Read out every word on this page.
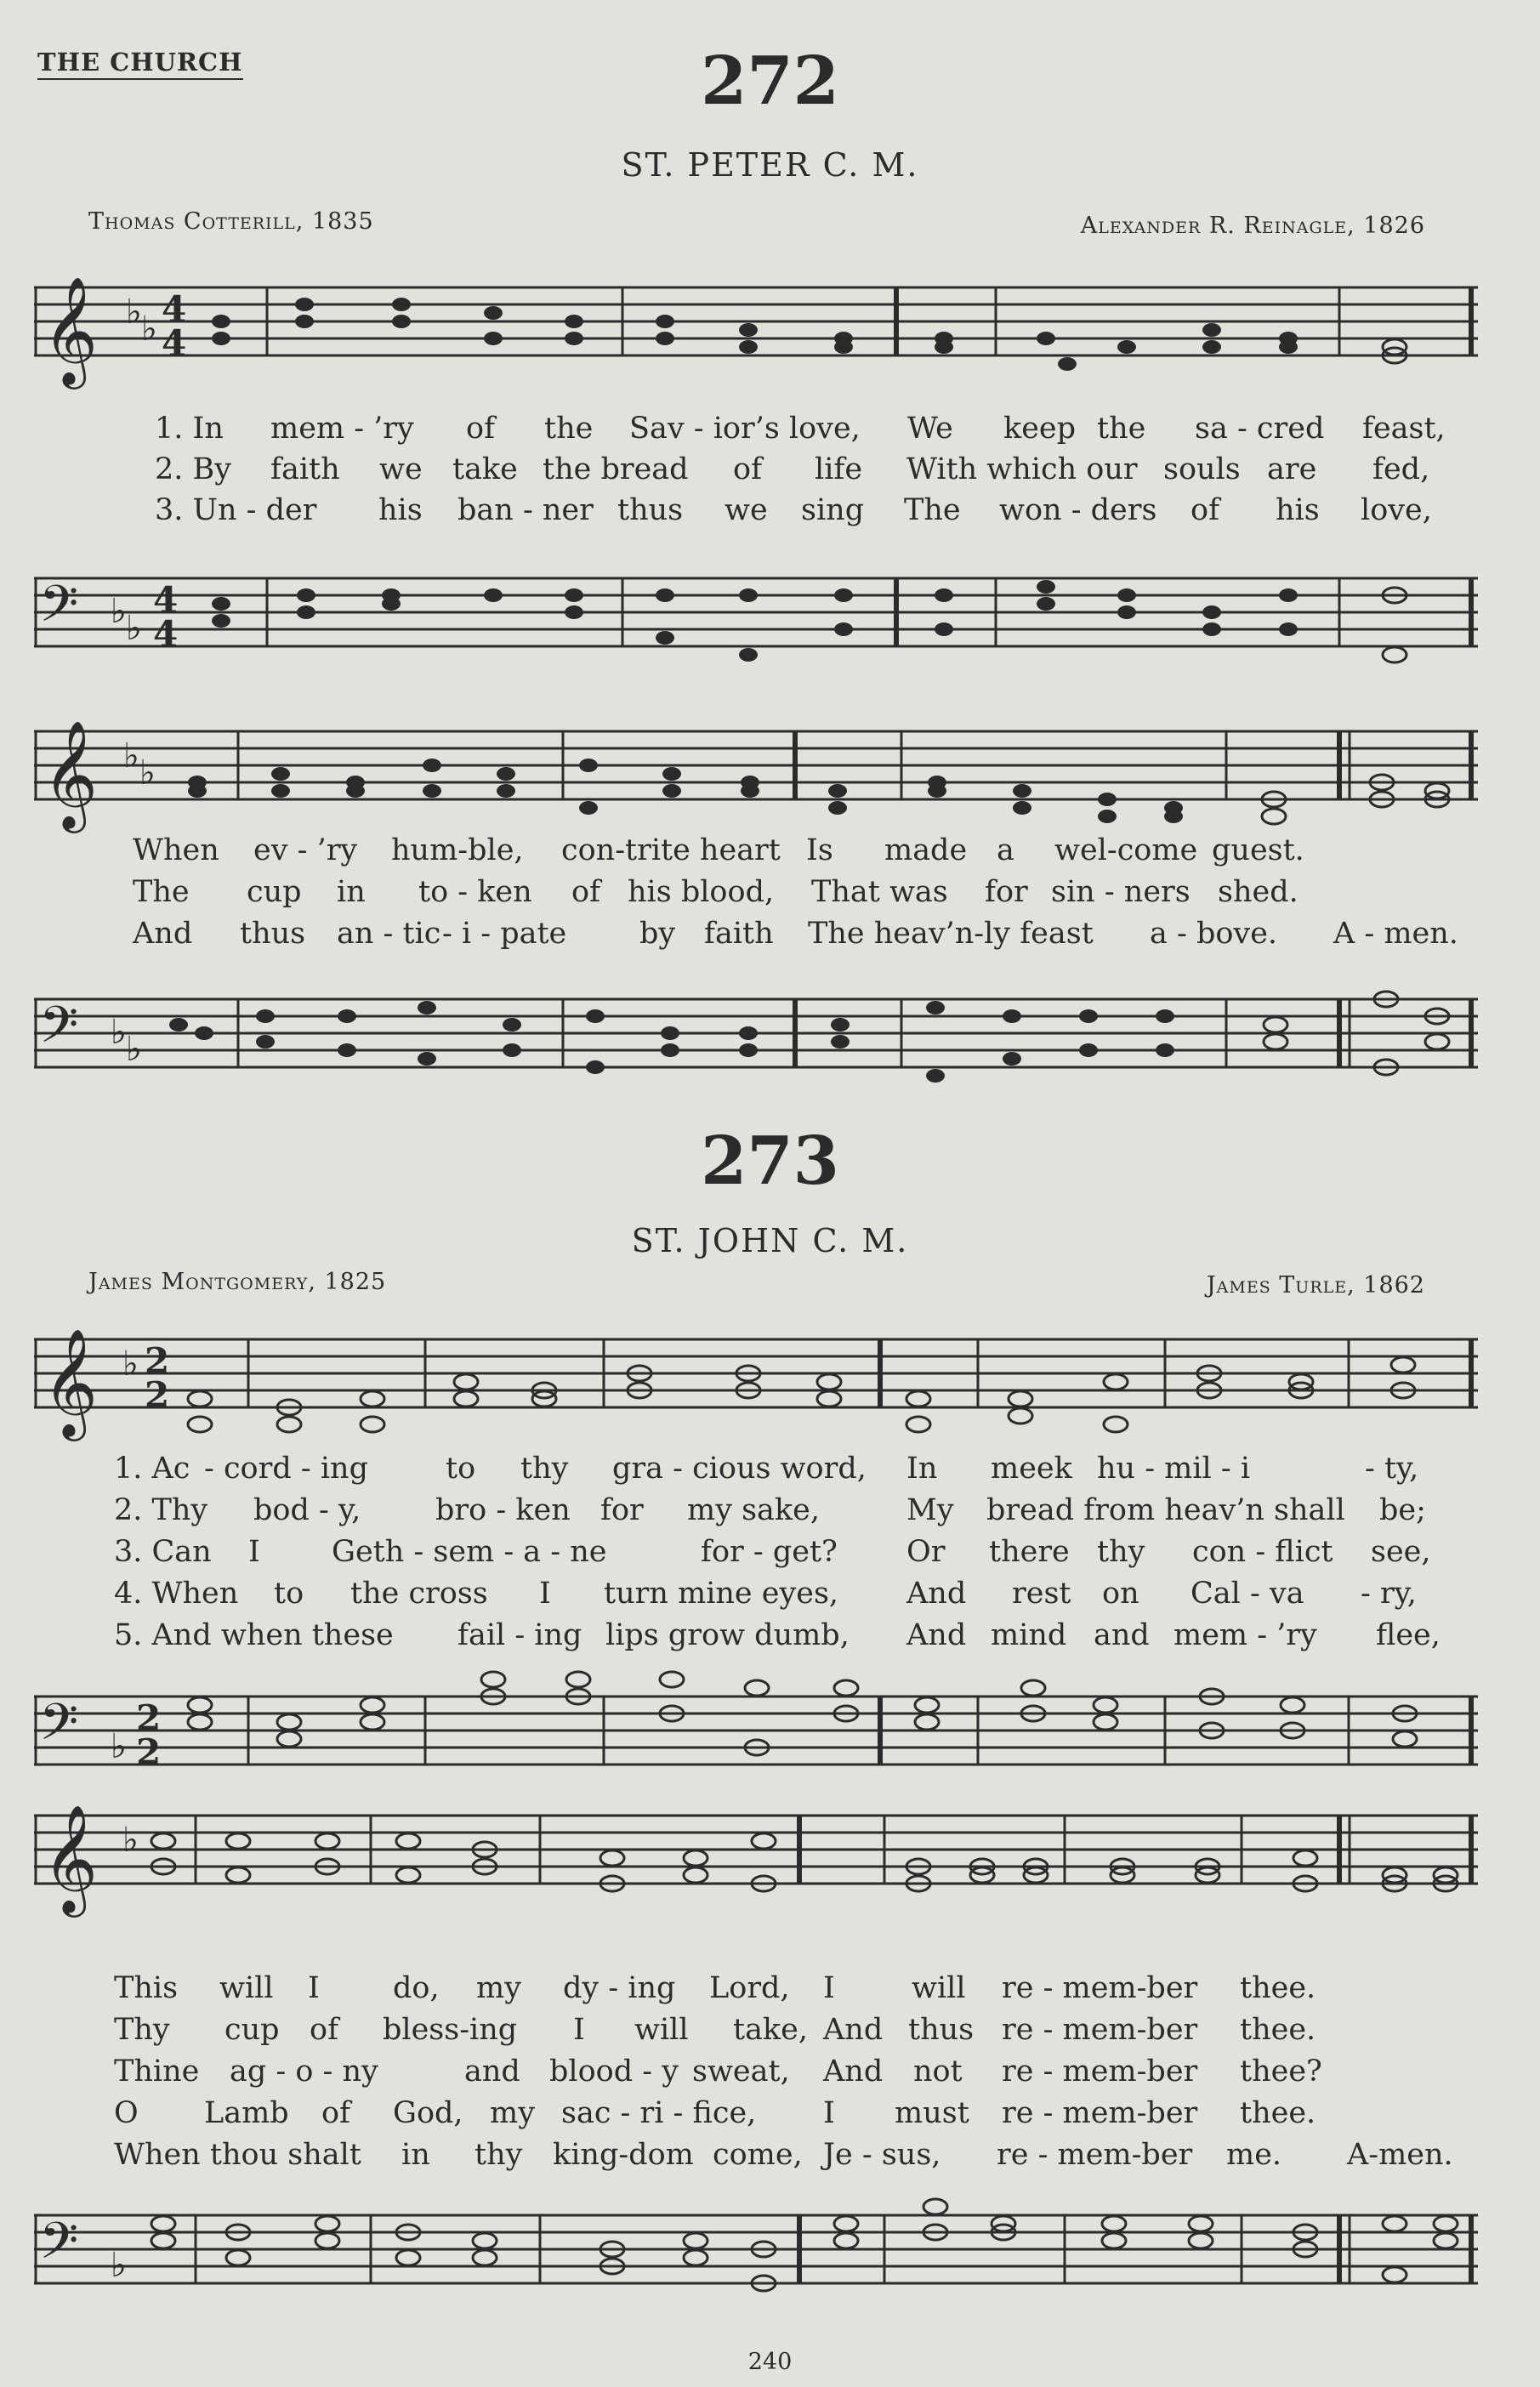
THE CHURCH	272
ST. PETER C. M.
Thomas Cotterill, 1835	Alexander R. Reinagle, 1826
𝄞 ♭ ♭ 4
4
1. In mem - ’ry of the Sav - ior’s love, We keep the sa - cred feast,
2. By faith we take the bread of life With which our souls are fed,
3. Un - der his ban - ner thus we sing The won - ders of his love,
𝄢 ♭ ♭
4
4
𝄞 ♭ ♭
When ev - ’ry hum-ble, con-trite heart Is made a wel-come guest.
The cup in to - ken of his blood, That was for sin - ners shed.
And thus an - tic - i - pate by faith The heav’n-ly feast a - bove. A - men.
𝄢 ♭ ♭
273
ST. JOHN C. M.
James Montgomery, 1825	James Turle, 1862
𝄞 ♭ 2
2
1. Ac - cord - ing	to thy gra - cious word, In meek hu - mil - i	- ty,
2. Thy bod - y,	bro - ken for my sake,	My bread from heav’n shall be;
3. Can I Geth - sem - a - ne	for - get? Or there thy con - flict see,
4. When to the cross I turn mine eyes, And rest on Cal - va - ry,
5. And when these fail - ing lips grow dumb, And mind and mem - ’ry flee,
𝄢 ♭
2
2
𝄞 ♭
This will I do, my dy - ing Lord, I	will re - mem-ber thee.
Thy cup of bless-ing I will take, And thus re - mem-ber thee.
Thine ag - o - ny	and blood - y sweat, And not re - mem-ber thee?
O Lamb of God, my sac - ri - fice, I must re - mem-ber thee.
When thou shalt in thy king-dom come, Je - sus, re - mem-ber me. A-men.
𝄢 ♭
240
